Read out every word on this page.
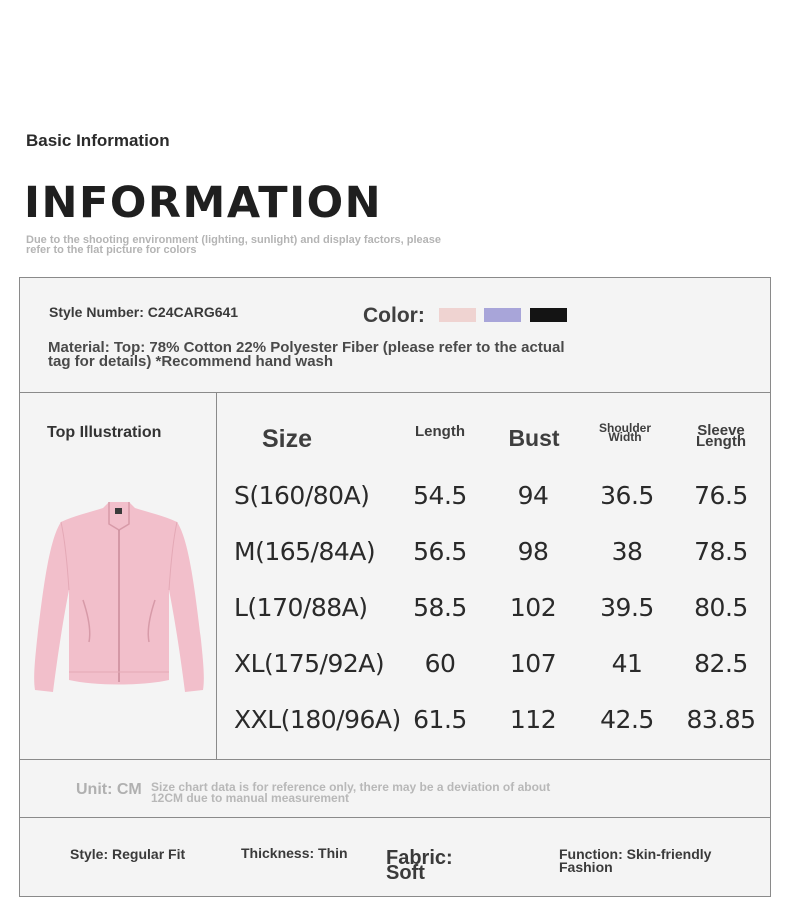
Basic Information
INFORMATION
Due to the shooting environment (lighting, sunlight) and display factors, please refer to the flat picture for colors
Style Number: C24CARG641	Color:
Material: Top: 78% Cotton 22% Polyester Fiber (please refer to the actual tag for details) *Recommend hand wash
Top Illustration	Size	Length	Bust	Shoulder Width	Sleeve Length
S(160/80A)	54.5	94	36.5	76.5
M(165/84A)	56.5	98	38	78.5
L(170/88A)	58.5	102	39.5	80.5
XL(175/92A)	60	107	41	82.5
XXL(180/96A) 61.5	112	42.5	83.85
Unit: CM Size chart data is for reference only, there may be a deviation of about 12CM due to manual measurement
Style: Regular Fit	Thickness: Thin Fabric: Soft
Function: Skin-friendly Fashion
